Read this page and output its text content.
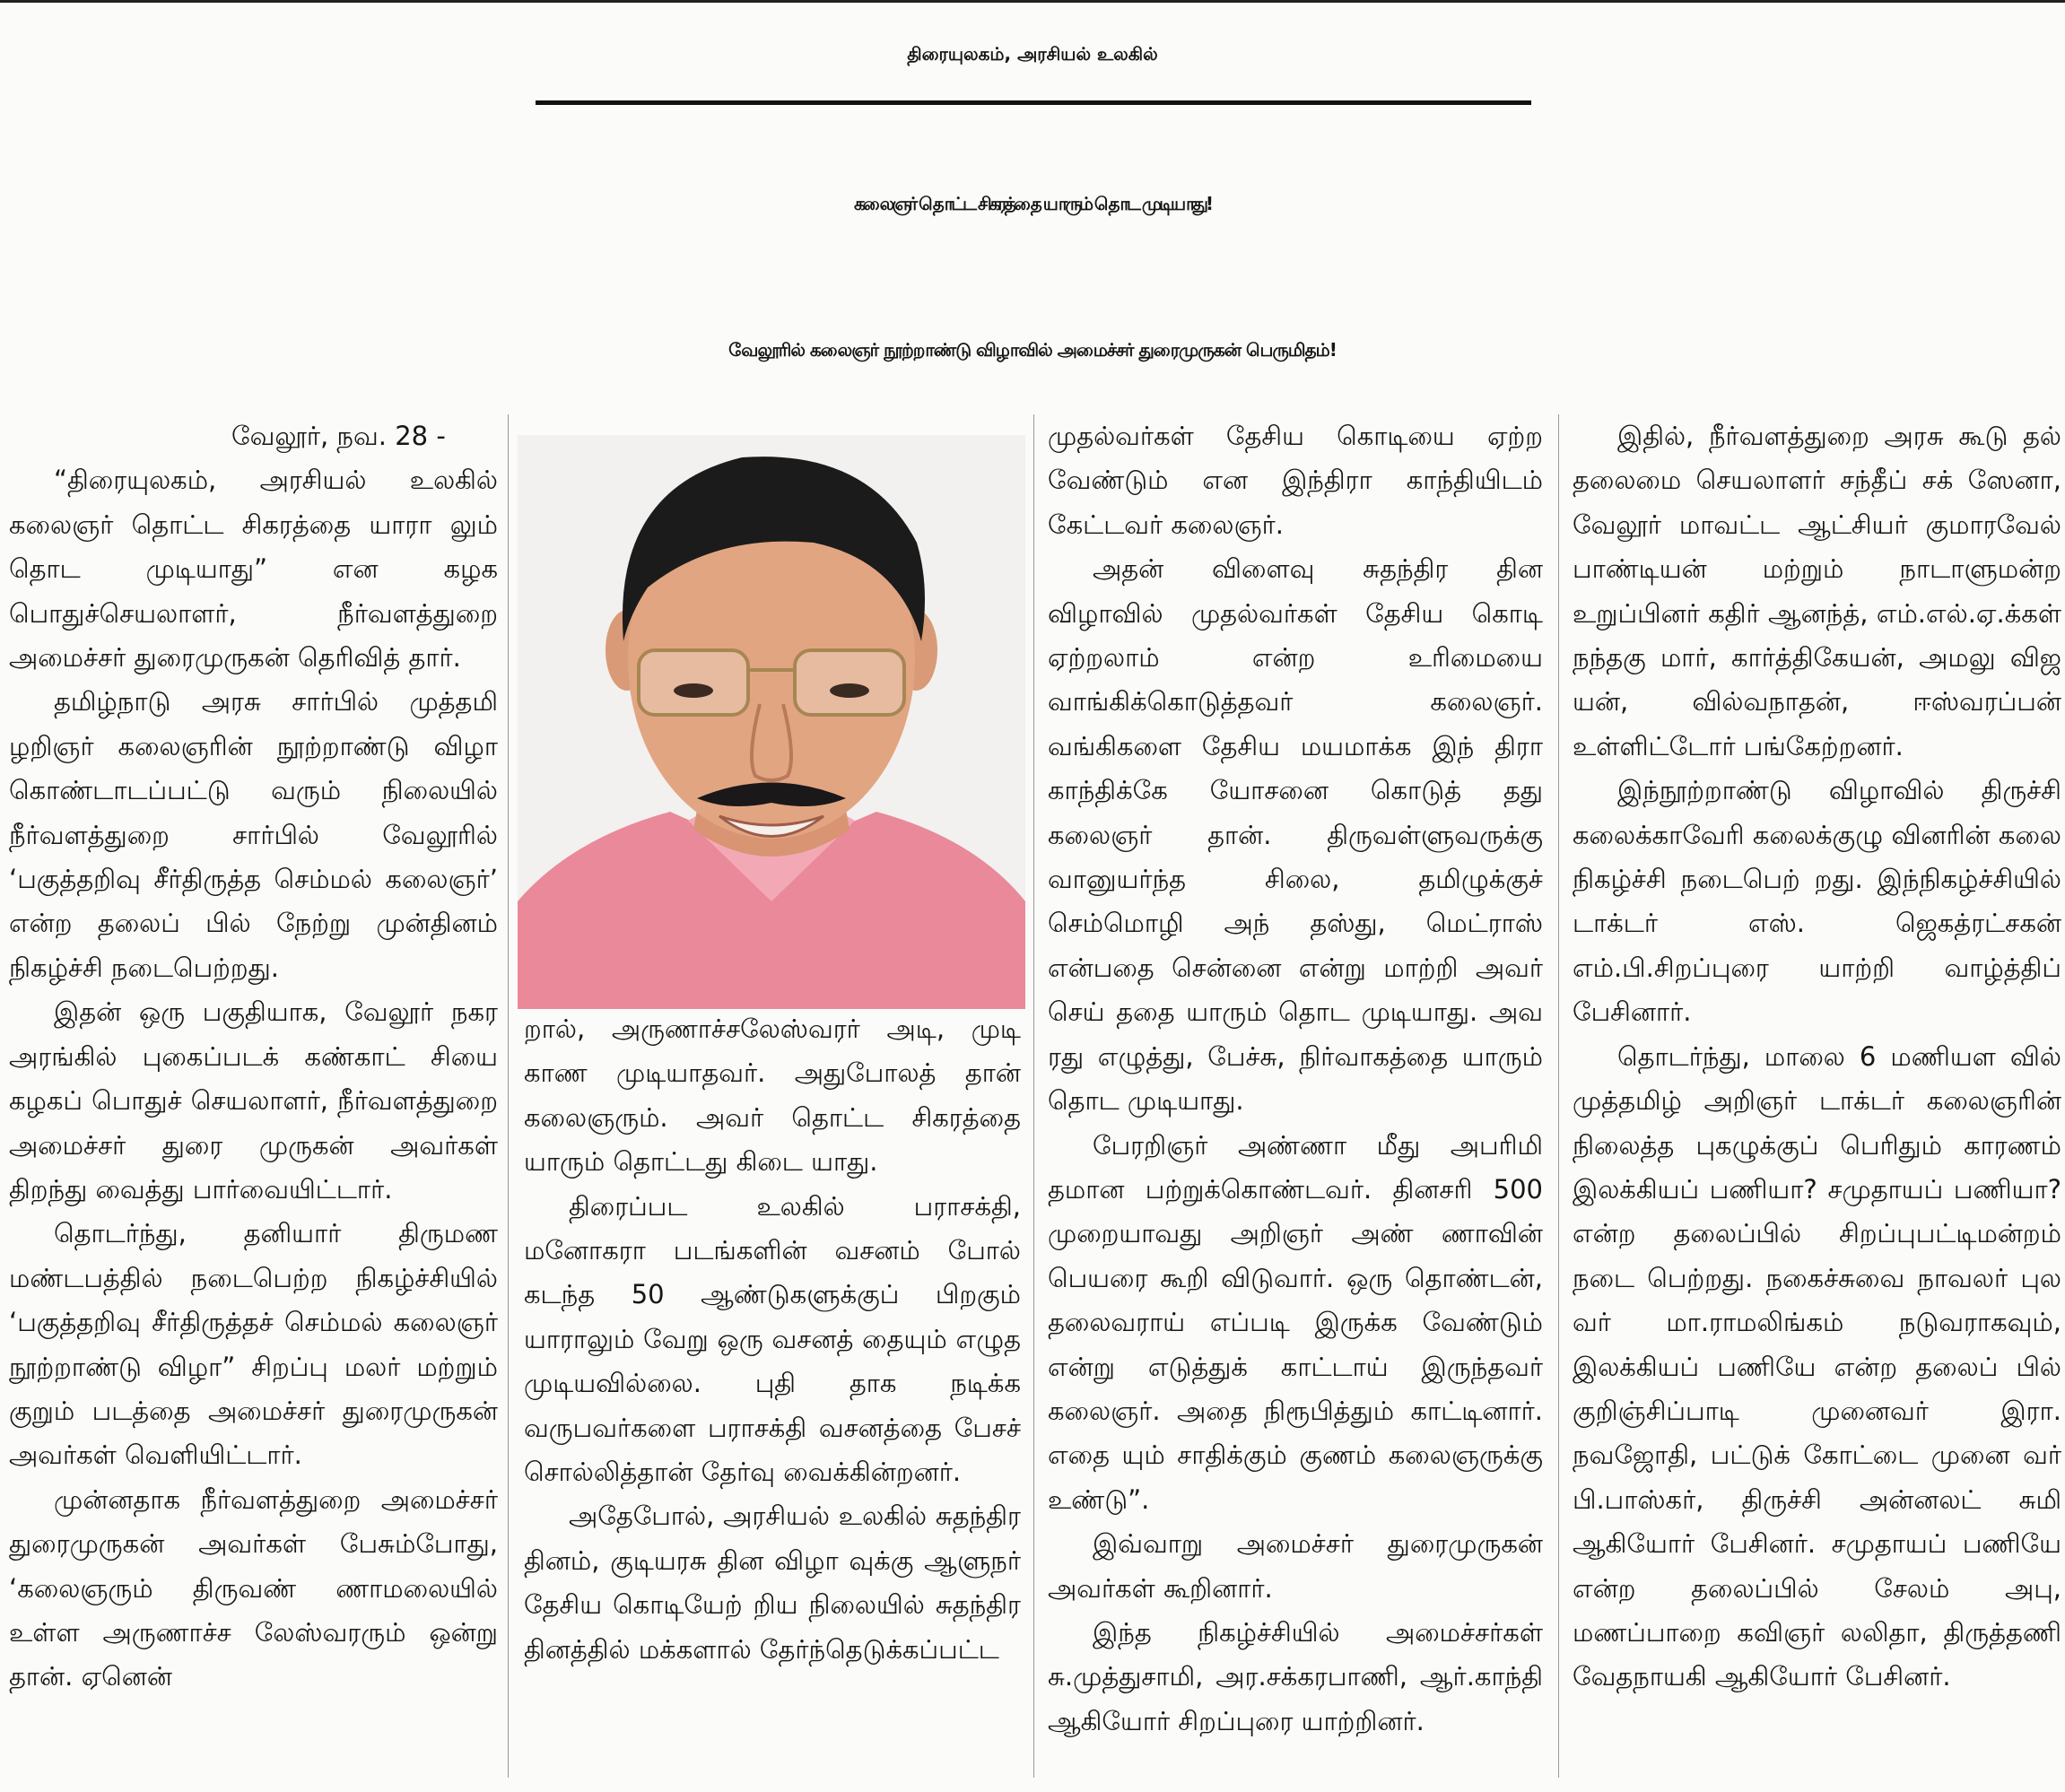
திரையுலகம், அரசியல் உலகில்
கலைஞர் தொட்ட சிகரத்தை யாரும் தொட முடியாது!
வேலூரில் கலைஞர் நூற்றாண்டு விழாவில் அமைச்சர் துரைமுருகன் பெருமிதம்!

வேலூர், நவ. 28 -

“திரையுலகம், அரசியல் உலகில் கலைஞர் தொட்ட சிகரத்தை யாரா லும் தொட முடியாது” என கழக பொதுச்செயலாளர், நீர்வளத்துறை அமைச்சர் துரைமுருகன் தெரிவித் தார்.

தமிழ்நாடு அரசு சார்பில் முத்தமி ழறிஞர் கலைஞரின் நூற்றாண்டு விழா கொண்டாடப்பட்டு வரும் நிலையில் நீர்வளத்துறை சார்பில் வேலூரில் ‘பகுத்தறிவு சீர்திருத்த செம்மல் கலைஞர்’ என்ற தலைப் பில் நேற்று முன்தினம் நிகழ்ச்சி நடைபெற்றது.

இதன் ஒரு பகுதியாக, வேலூர் நகர அரங்கில் புகைப்படக் கண்காட் சியை கழகப் பொதுச் செயலாளர், நீர்வளத்துறை அமைச்சர் துரை முருகன் அவர்கள் திறந்து வைத்து பார்வையிட்டார்.

தொடர்ந்து, தனியார் திருமண மண்டபத்தில் நடைபெற்ற நிகழ்ச்சியில் ‘பகுத்தறிவு சீர்திருத்தச் செம்மல் கலைஞர் நூற்றாண்டு விழா” சிறப்பு மலர் மற்றும் குறும் படத்தை அமைச்சர் துரைமுருகன் அவர்கள் வெளியிட்டார்.

முன்னதாக நீர்வளத்துறை அமைச்சர் துரைமுருகன் அவர்கள் பேசும்போது, ‘கலைஞரும் திருவண் ணாமலையில் உள்ள அருணாச்ச லேஸ்வரரும் ஒன்று தான். ஏனென்

றால், அருணாச்சலேஸ்வரர் அடி, முடி காண முடியாதவர். அதுபோலத் தான் கலைஞரும். அவர் தொட்ட சிகரத்தை யாரும் தொட்டது கிடை யாது.

திரைப்பட உலகில் பராசக்தி, மனோகரா படங்களின் வசனம் போல் கடந்த 50 ஆண்டுகளுக்குப் பிறகும் யாராலும் வேறு ஒரு வசனத் தையும் எழுத முடியவில்லை. புதி தாக நடிக்க வருபவர்களை பராசக்தி வசனத்தை பேசச் சொல்லித்தான் தேர்வு வைக்கின்றனர்.

அதேபோல், அரசியல் உலகில் சுதந்திர தினம், குடியரசு தின விழா வுக்கு ஆளுநர் தேசிய கொடியேற் றிய நிலையில் சுதந்திர தினத்தில் மக்களால் தேர்ந்தெடுக்கப்பட்ட

முதல்வர்கள் தேசிய கொடியை ஏற்ற வேண்டும் என இந்திரா காந்தியிடம் கேட்டவர் கலைஞர்.

அதன் விளைவு சுதந்திர தின விழாவில் முதல்வர்கள் தேசிய கொடி ஏற்றலாம் என்ற உரிமையை வாங்கிக்கொடுத்தவர் கலைஞர். வங்கிகளை தேசிய மயமாக்க இந் திரா காந்திக்கே யோசனை கொடுத் தது கலைஞர் தான். திருவள்ளுவருக்கு வானுயர்ந்த சிலை, தமிழுக்குச் செம்மொழி அந் தஸ்து, மெட்ராஸ் என்பதை சென்னை என்று மாற்றி அவர் செய் ததை யாரும் தொட முடியாது. அவ ரது எழுத்து, பேச்சு, நிர்வாகத்தை யாரும் தொட முடியாது.

பேரறிஞர் அண்ணா மீது அபரிமி தமான பற்றுக்கொண்டவர். தினசரி 500 முறையாவது அறிஞர் அண் ணாவின் பெயரை கூறி விடுவார். ஒரு தொண்டன், தலைவராய் எப்படி இருக்க வேண்டும் என்று எடுத்துக் காட்டாய் இருந்தவர் கலைஞர். அதை நிரூபித்தும் காட்டினார். எதை யும் சாதிக்கும் குணம் கலைஞருக்கு உண்டு”.

இவ்வாறு அமைச்சர் துரைமுருகன் அவர்கள் கூறினார்.

இந்த நிகழ்ச்சியில் அமைச்சர்கள் சு.முத்துசாமி, அர.சக்கரபாணி, ஆர்.காந்தி ஆகியோர் சிறப்புரை யாற்றினர்.

இதில், நீர்வளத்துறை அரசு கூடு தல் தலைமை செயலாளர் சந்தீப் சக் ஸேனா, வேலூர் மாவட்ட ஆட்சியர் குமாரவேல் பாண்டியன் மற்றும் நாடாளுமன்ற உறுப்பினர் கதிர் ஆனந்த், எம்.எல்.ஏ.க்கள் நந்தகு மார், கார்த்திகேயன், அமலு விஜ யன், வில்வநாதன், ஈஸ்வரப்பன் உள்ளிட்டோர் பங்கேற்றனர்.

இந்நூற்றாண்டு விழாவில் திருச்சி கலைக்காவேரி கலைக்குழு வினரின் கலை நிகழ்ச்சி நடைபெற் றது. இந்நிகழ்ச்சியில் டாக்டர் எஸ். ஜெகத்ரட்சகன் எம்.பி.சிறப்புரை யாற்றி வாழ்த்திப் பேசினார்.

தொடர்ந்து, மாலை 6 மணியள வில் முத்தமிழ் அறிஞர் டாக்டர் கலைஞரின் நிலைத்த புகழுக்குப் பெரிதும் காரணம் இலக்கியப் பணியா? சமுதாயப் பணியா? என்ற தலைப்பில் சிறப்புபட்டிமன்றம் நடை பெற்றது. நகைச்சுவை நாவலர் புல வர் மா.ராமலிங்கம் நடுவராகவும், இலக்கியப் பணியே என்ற தலைப் பில் குறிஞ்சிப்பாடி முனைவர் இரா. நவஜோதி, பட்டுக் கோட்டை முனை வர் பி.பாஸ்கர், திருச்சி அன்னலட் சுமி ஆகியோர் பேசினர். சமுதாயப் பணியே என்ற தலைப்பில் சேலம் அபு, மணப்பாறை கவிஞர் லலிதா, திருத்தணி வேதநாயகி ஆகியோர் பேசினர்.
